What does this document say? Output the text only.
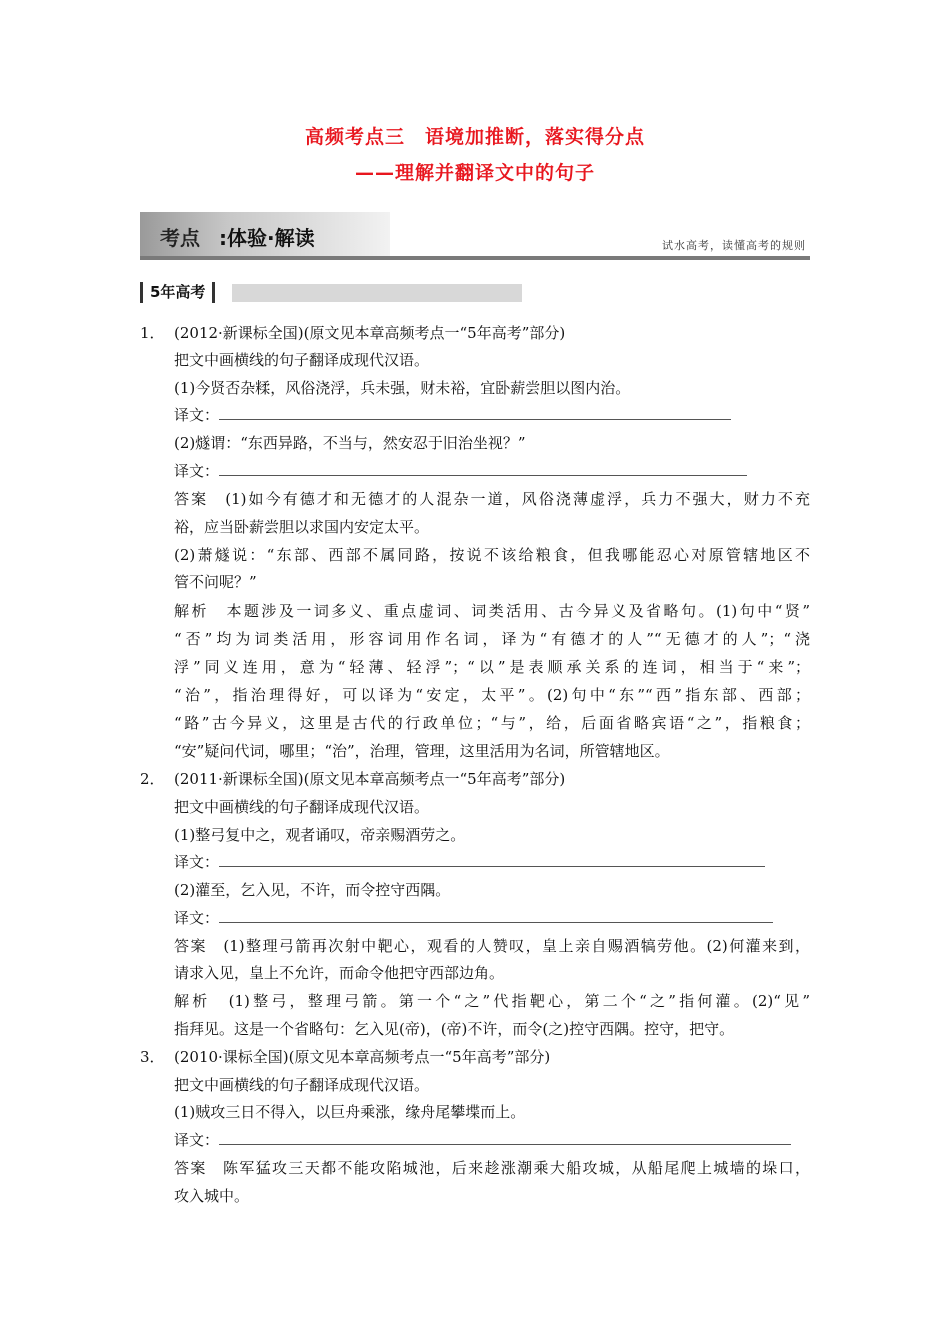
高频考点三　语境加推断，落实得分点
——理解并翻译文中的句子
考点 :体验·解读	试水高考，读懂高考的规则
5年高考
1． (2012·新课标全国)(原文见本章高频考点一“5年高考”部分)
把文中画横线的句子翻译成现代汉语。
(1)今贤否杂糅，风俗浇浮，兵未强，财未裕，宜卧薪尝胆以图内治。
译文：
(2)燧谓：“东西异路，不当与，然安忍于旧治坐视？”
译文：
答案　(1)如今有德才和无德才的人混杂一道，风俗浇薄虚浮，兵力不强大，财力不充
裕，应当卧薪尝胆以求国内安定太平。
(2)萧燧说：“东部、西部不属同路，按说不该给粮食，但我哪能忍心对原管辖地区不
管不问呢？”
解析　本题涉及一词多义、重点虚词、词类活用、古今异义及省略句。(1)句中“贤”
“否”均为词类活用，形容词用作名词，译为“有德才的人”“无德才的人”；“浇
浮”同义连用，意为“轻薄、轻浮”；“以”是表顺承关系的连词，相当于“来”；
“治”，指治理得好，可以译为“安定，太平”。(2)句中“东”“西”指东部、西部；
“路”古今异义，这里是古代的行政单位；“与”，给，后面省略宾语“之”，指粮食；
“安”疑问代词，哪里；“治”，治理，管理，这里活用为名词，所管辖地区。
2． (2011·新课标全国)(原文见本章高频考点一“5年高考”部分)
把文中画横线的句子翻译成现代汉语。
(1)整弓复中之，观者诵叹，帝亲赐酒劳之。
译文：
(2)灌至，乞入见，不许，而令控守西隅。
译文：
答案　(1)整理弓箭再次射中靶心，观看的人赞叹，皇上亲自赐酒犒劳他。(2)何灌来到，
请求入见，皇上不允许，而命令他把守西部边角。
解析　(1)整弓，整理弓箭。第一个“之”代指靶心，第二个“之”指何灌。(2)“见”
指拜见。这是一个省略句：乞入见(帝)，(帝)不许，而令(之)控守西隅。控守，把守。
3． (2010·课标全国)(原文见本章高频考点一“5年高考”部分)
把文中画横线的句子翻译成现代汉语。
(1)贼攻三日不得入，以巨舟乘涨，缘舟尾攀堞而上。
译文：
答案　陈军猛攻三天都不能攻陷城池，后来趁涨潮乘大船攻城，从船尾爬上城墙的垛口，
攻入城中。
